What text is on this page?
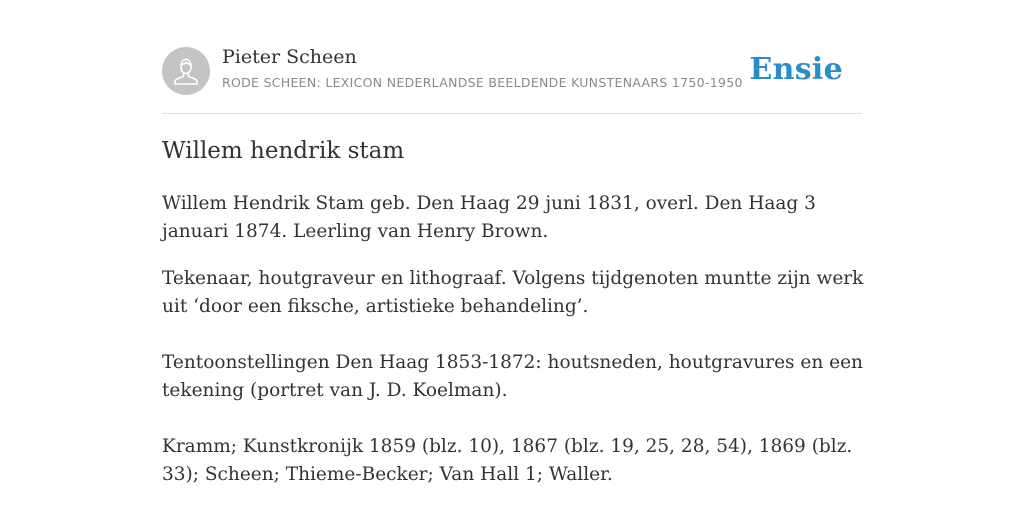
Pieter Scheen
RODE SCHEEN: LEXICON NEDERLANDSE BEELDENDE KUNSTENAARS 1750-1950 Ensie
Willem hendrik stam

Willem Hendrik Stam geb. Den Haag 29 juni 1831, overl. Den Haag 3 januari 1874. Leerling van Henry Brown.

Tekenaar, houtgraveur en lithograaf. Volgens tijdgenoten muntte zijn werk uit ‘door een fiksche, artistieke behandeling’.

Tentoonstellingen Den Haag 1853-1872: houtsneden, houtgravures en een tekening (portret van J. D. Koelman).

Kramm; Kunstkronijk 1859 (blz. 10), 1867 (blz. 19, 25, 28, 54), 1869 (blz. 33); Scheen; Thieme-Becker; Van Hall 1; Waller.
